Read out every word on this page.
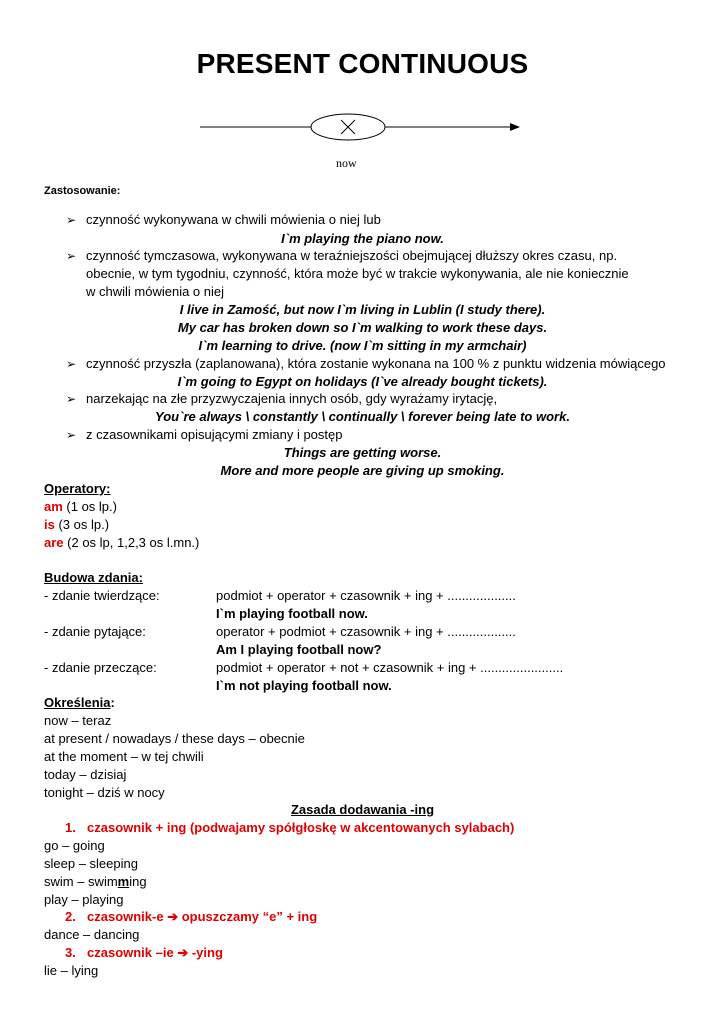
PRESENT CONTINUOUS
now
Zastosowanie:
➢ czynność wykonywana w chwili mówienia o niej lub
I`m playing the piano now.
➢ czynność tymczasowa, wykonywana w teraźniejszości obejmującej dłuższy okres czasu, np.
obecnie, w tym tygodniu, czynność, która może być w trakcie wykonywania, ale nie koniecznie
w chwili mówienia o niej
I live in Zamość, but now I`m living in Lublin (I study there).
My car has broken down so I`m walking to work these days.
I`m learning to drive. (now I`m sitting in my armchair)
➢ czynność przyszła (zaplanowana), która zostanie wykonana na 100 % z punktu widzenia mówiącego
I`m going to Egypt on holidays (I`ve already bought tickets).
➢ narzekając na złe przyzwyczajenia innych osób, gdy wyrażamy irytację,
You`re always \ constantly \ continually \ forever being late to work.
➢ z czasownikami opisującymi zmiany i postęp
Things are getting worse.
More and more people are giving up smoking.
Operatory:
am (1 os lp.)
is (3 os lp.)
are (2 os lp, 1,2,3 os l.mn.)
Budowa zdania:
- zdanie twierdzące:	podmiot + operator + czasownik + ing + ...................
I`m playing football now.
- zdanie pytające:	operator + podmiot + czasownik + ing + ...................
Am I playing football now?
- zdanie przeczące:	podmiot + operator + not + czasownik + ing + .......................
I`m not playing football now.
Określenia:
now – teraz
at present / nowadays / these days – obecnie
at the moment – w tej chwili
today – dzisiaj
tonight – dziś w nocy
Zasada dodawania -ing
1. czasownik + ing (podwajamy spółgłoskę w akcentowanych sylabach)
go – going
sleep – sleeping
swim – swimming
play – playing
2. czasownik-e ➔ opuszczamy “e” + ing
dance – dancing
3. czasownik –ie ➔ -ying
lie – lying
